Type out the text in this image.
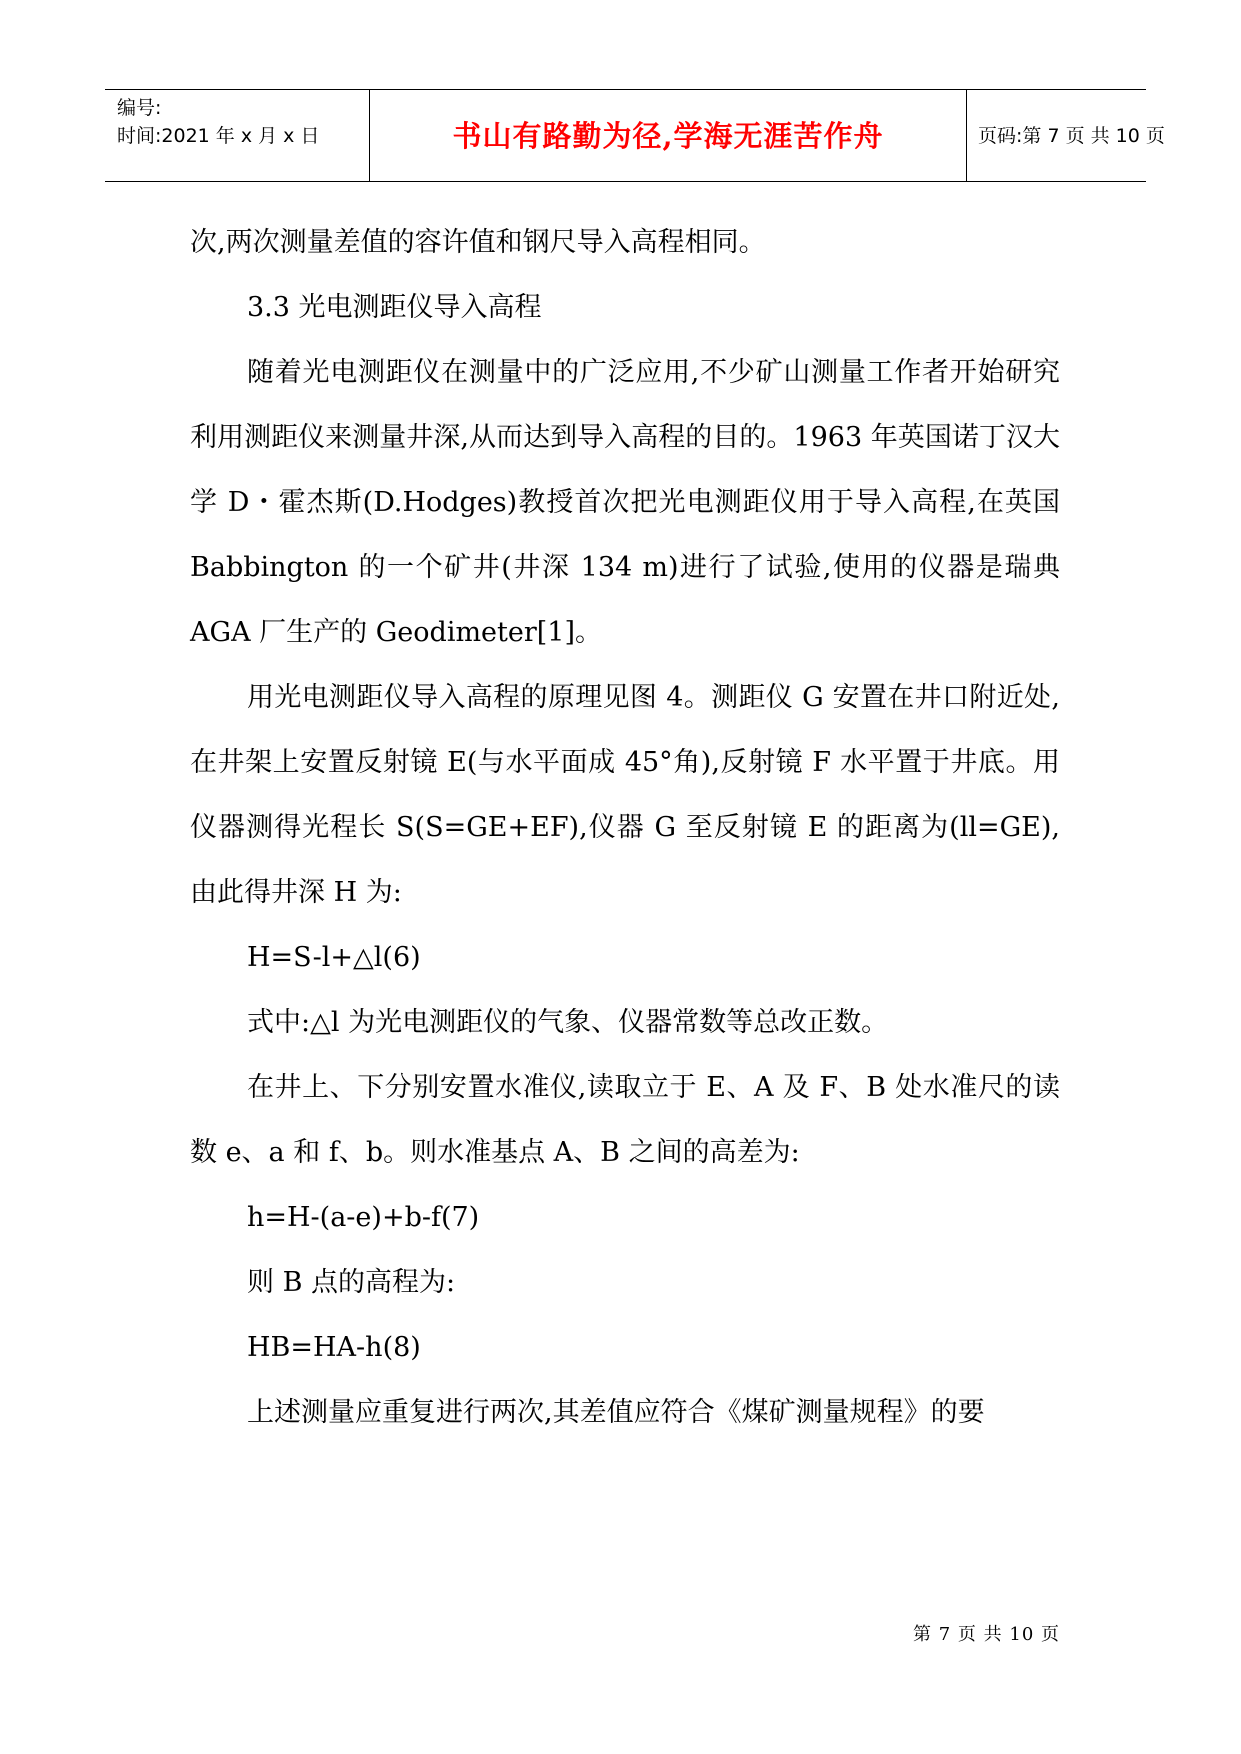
编号:
时间:2021 年 x 月 x 日	书山有路勤为径,学海无涯苦作舟	页码:第 7 页 共 10 页

次,两次测量差值的容许值和钢尺导入高程相同。

3.3 光电测距仪导入高程

随着光电测距仪在测量中的广泛应用,不少矿山测量工作者开始研究利用测距仪来测量井深,从而达到导入高程的目的。1963 年英国诺丁汉大学 D・霍杰斯(D.Hodges)教授首次把光电测距仪用于导入高程,在英国 Babbington 的一个矿井(井深 134 m)进行了试验,使用的仪器是瑞典 AGA 厂生产的 Geodimeter[1]。

用光电测距仪导入高程的原理见图 4。测距仪 G 安置在井口附近处,在井架上安置反射镜 E(与水平面成 45°角),反射镜 F 水平置于井底。用仪器测得光程长 S(S=GE+EF),仪器 G 至反射镜 E 的距离为(ll=GE),由此得井深 H 为:

H=S-l+△l(6)

式中:△l 为光电测距仪的气象、仪器常数等总改正数。

在井上、下分别安置水准仪,读取立于 E、A 及 F、B 处水准尺的读数 e、a 和 f、b。则水准基点 A、B 之间的高差为:

h=H-(a-e)+b-f(7)

则 B 点的高程为:

HB=HA-h(8)

上述测量应重复进行两次,其差值应符合《煤矿测量规程》的要

第 7 页 共 10 页
